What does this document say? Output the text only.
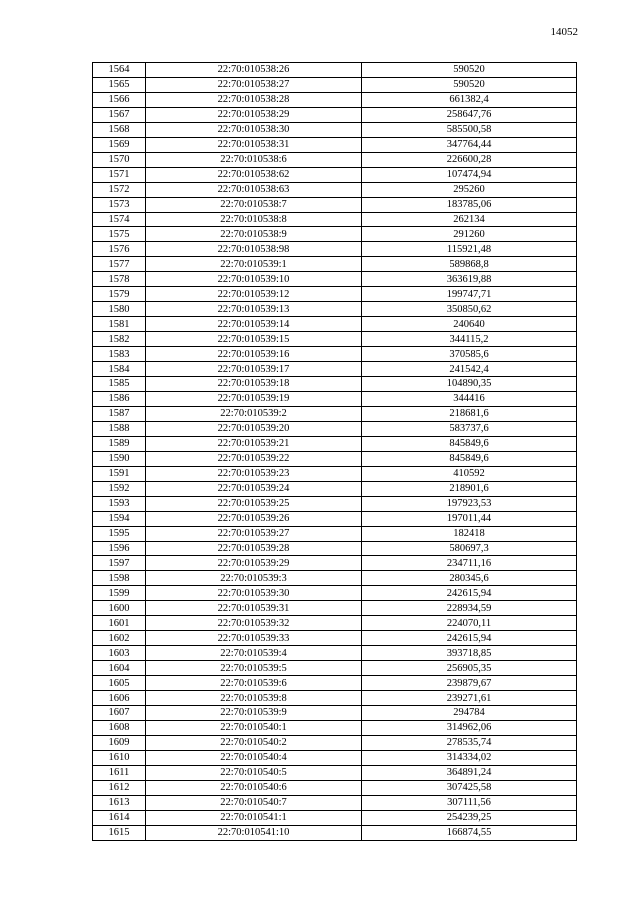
14052
1564	22:70:010538:26	590520
1565	22:70:010538:27	590520
1566	22:70:010538:28	661382,4
1567	22:70:010538:29	258647,76
1568	22:70:010538:30	585500,58
1569	22:70:010538:31	347764,44
1570	22:70:010538:6	226600,28
1571	22:70:010538:62	107474,94
1572	22:70:010538:63	295260
1573	22:70:010538:7	183785,06
1574	22:70:010538:8	262134
1575	22:70:010538:9	291260
1576	22:70:010538:98	115921,48
1577	22:70:010539:1	589868,8
1578	22:70:010539:10	363619,88
1579	22:70:010539:12	199747,71
1580	22:70:010539:13	350850,62
1581	22:70:010539:14	240640
1582	22:70:010539:15	344115,2
1583	22:70:010539:16	370585,6
1584	22:70:010539:17	241542,4
1585	22:70:010539:18	104890,35
1586	22:70:010539:19	344416
1587	22:70:010539:2	218681,6
1588	22:70:010539:20	583737,6
1589	22:70:010539:21	845849,6
1590	22:70:010539:22	845849,6
1591	22:70:010539:23	410592
1592	22:70:010539:24	218901,6
1593	22:70:010539:25	197923,53
1594	22:70:010539:26	197011,44
1595	22:70:010539:27	182418
1596	22:70:010539:28	580697,3
1597	22:70:010539:29	234711,16
1598	22:70:010539:3	280345,6
1599	22:70:010539:30	242615,94
1600	22:70:010539:31	228934,59
1601	22:70:010539:32	224070,11
1602	22:70:010539:33	242615,94
1603	22:70:010539:4	393718,85
1604	22:70:010539:5	256905,35
1605	22:70:010539:6	239879,67
1606	22:70:010539:8	239271,61
1607	22:70:010539:9	294784
1608	22:70:010540:1	314962,06
1609	22:70:010540:2	278535,74
1610	22:70:010540:4	314334,02
1611	22:70:010540:5	364891,24
1612	22:70:010540:6	307425,58
1613	22:70:010540:7	307111,56
1614	22:70:010541:1	254239,25
1615	22:70:010541:10	166874,55
